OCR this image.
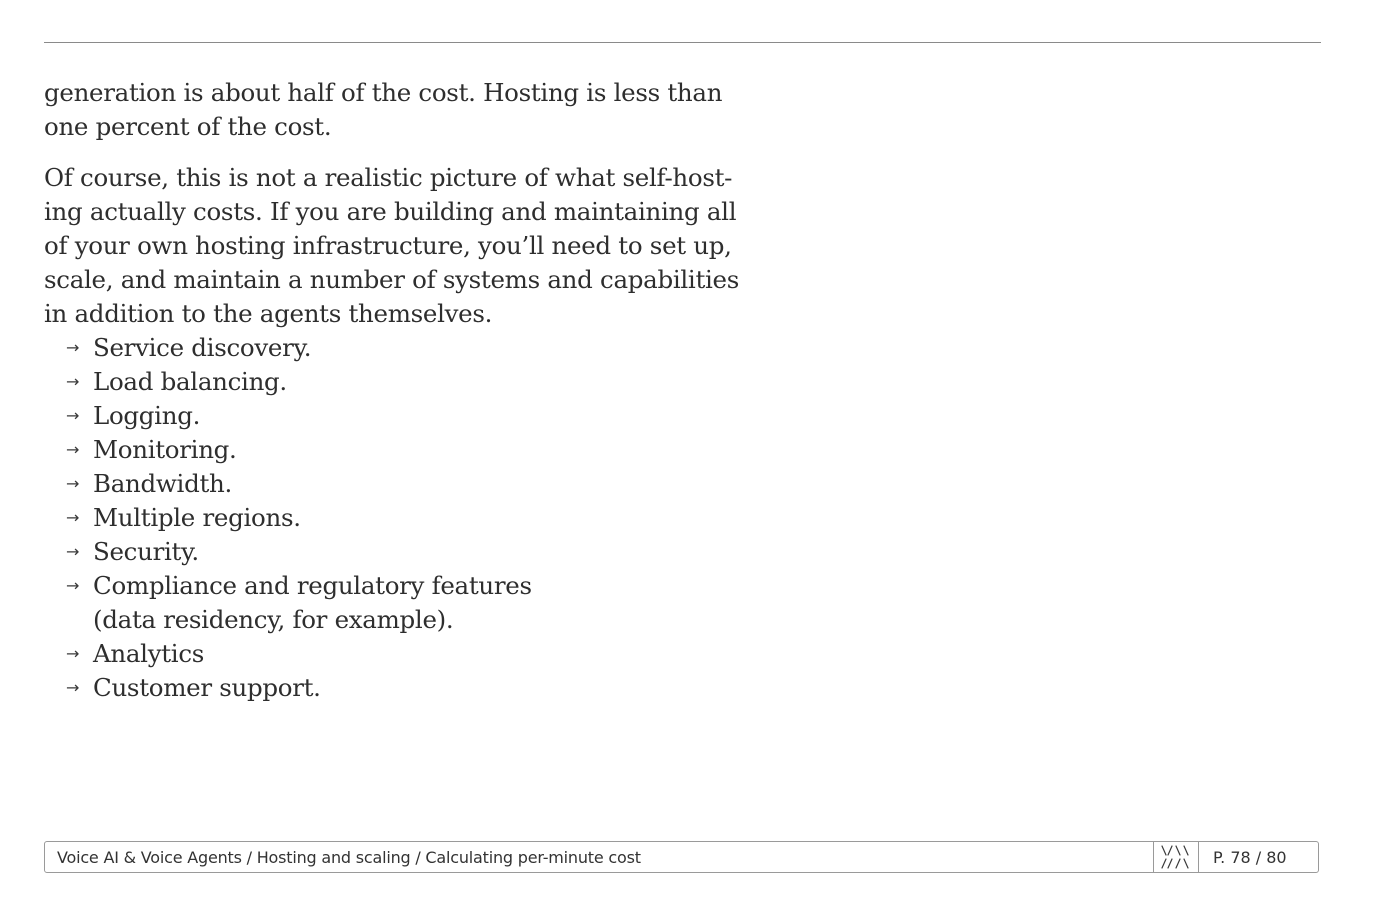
generation is about half of the cost. Hosting is less than

one percent of the cost.

Of course, this is not a realistic picture of what self-host-

ing actually costs. If you are building and maintaining all

of your own hosting infrastructure, you’ll need to set up,

scale, and maintain a number of systems and capabilities

in addition to the agents themselves.

→ Service discovery.
→ Load balancing.
→ Logging.
→ Monitoring.
→ Bandwidth.
→ Multiple regions.
→ Security.
→ Compliance and regulatory features
(data residency, for example).
→ Analytics
→ Customer support.
Voice AI & Voice Agents / Hosting and scaling / Calculating per-minute cost	P. 78 / 80
